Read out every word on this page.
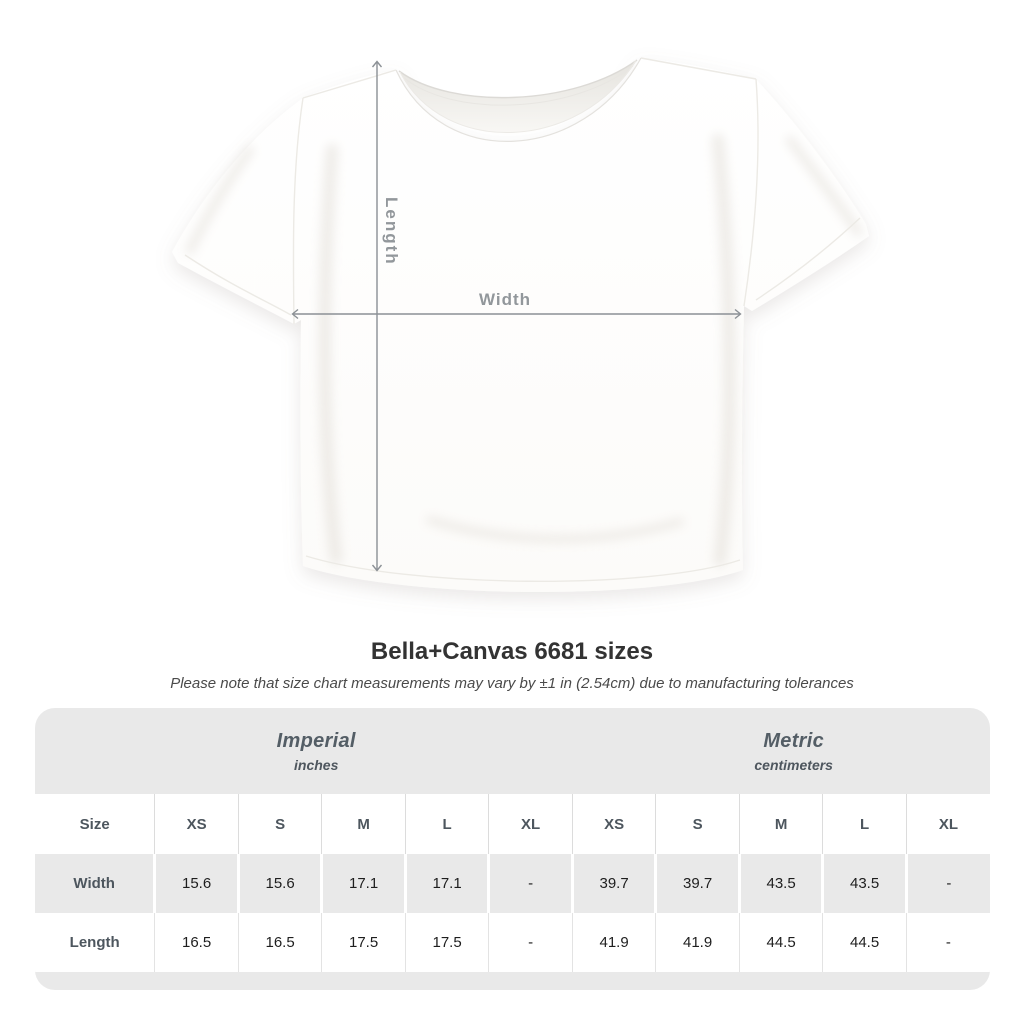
Length
Width
Bella+Canvas 6681 sizes

Please note that size chart measurements may vary by ±1 in (2.54cm) due to manufacturing tolerances

Imperial
inches

Metric
centimeters

Size	XS	S	M	L	XL	XS	S	M	L	XL
Width	15.6	15.6	17.1	17.1	-	39.7	39.7	43.5	43.5	-
Length	16.5	16.5	17.5	17.5	-	41.9	41.9	44.5	44.5	-
